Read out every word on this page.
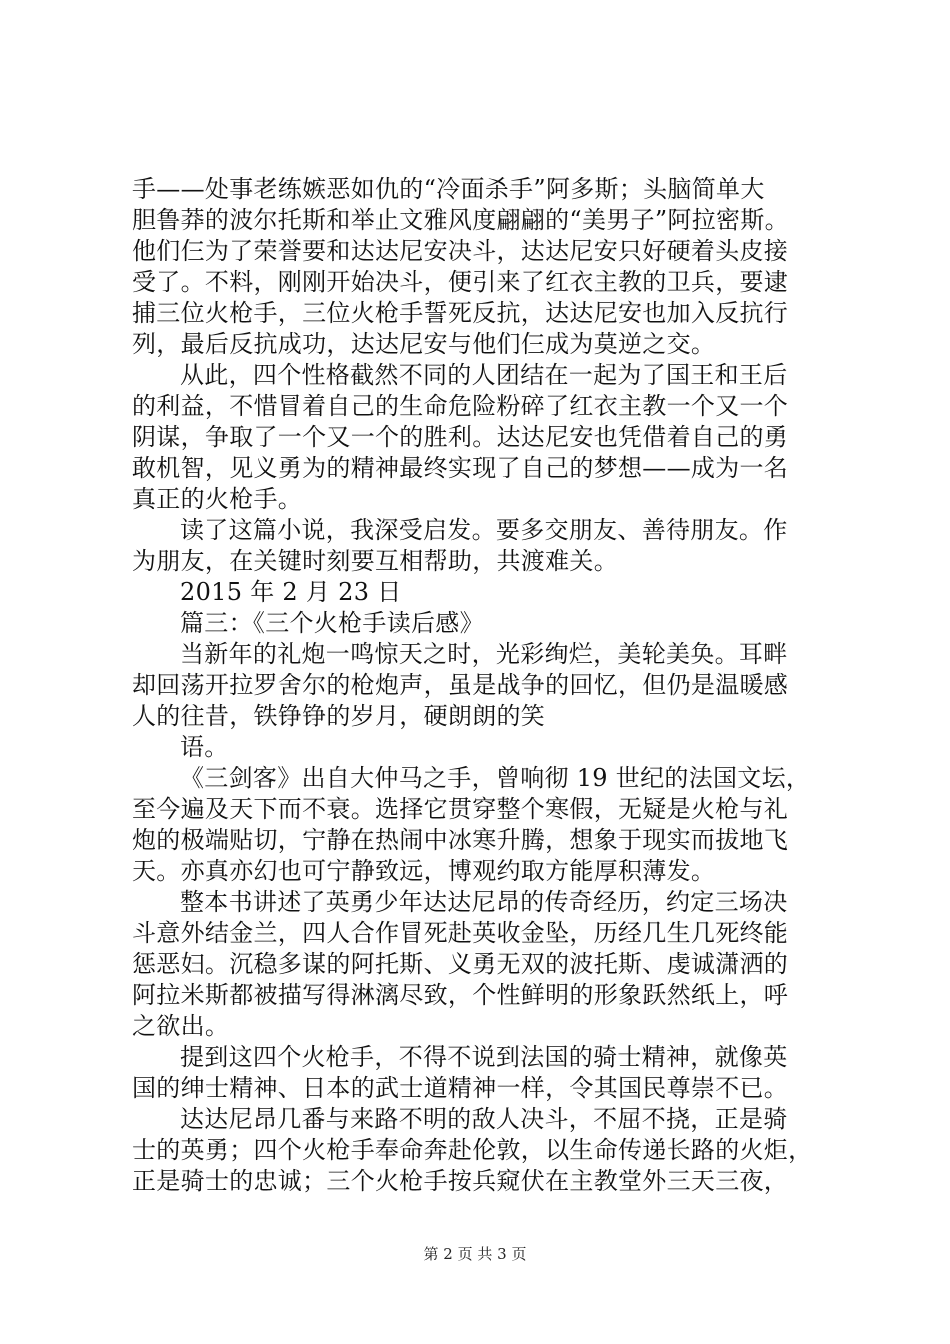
手——处事老练嫉恶如仇的“冷面杀手”阿多斯；头脑简单大
胆鲁莽的波尔托斯和举止文雅风度翩翩的“美男子”阿拉密斯。
他们仨为了荣誉要和达达尼安决斗，达达尼安只好硬着头皮接
受了。不料，刚刚开始决斗，便引来了红衣主教的卫兵，要逮
捕三位火枪手，三位火枪手誓死反抗，达达尼安也加入反抗行
列，最后反抗成功，达达尼安与他们仨成为莫逆之交。
从此，四个性格截然不同的人团结在一起为了国王和王后
的利益，不惜冒着自己的生命危险粉碎了红衣主教一个又一个
阴谋，争取了一个又一个的胜利。达达尼安也凭借着自己的勇
敢机智，见义勇为的精神最终实现了自己的梦想——成为一名
真正的火枪手。
读了这篇小说，我深受启发。要多交朋友、善待朋友。作
为朋友，在关键时刻要互相帮助，共渡难关。
2015 年 2 月 23 日
篇三：《三个火枪手读后感》
当新年的礼炮一鸣惊天之时，光彩绚烂，美轮美奂。耳畔
却回荡开拉罗舍尔的枪炮声，虽是战争的回忆，但仍是温暖感
人的往昔，铁铮铮的岁月，硬朗朗的笑
语。
《三剑客》出自大仲马之手，曾响彻 19 世纪的法国文坛，
至今遍及天下而不衰。选择它贯穿整个寒假，无疑是火枪与礼
炮的极端贴切，宁静在热闹中冰寒升腾，想象于现实而拔地飞
天。亦真亦幻也可宁静致远，博观约取方能厚积薄发。
整本书讲述了英勇少年达达尼昂的传奇经历，约定三场决
斗意外结金兰，四人合作冒死赴英收金坠，历经几生几死终能
惩恶妇。沉稳多谋的阿托斯、义勇无双的波托斯、虔诚潇洒的
阿拉米斯都被描写得淋漓尽致，个性鲜明的形象跃然纸上，呼
之欲出。
提到这四个火枪手，不得不说到法国的骑士精神，就像英
国的绅士精神、日本的武士道精神一样，令其国民尊崇不已。
达达尼昂几番与来路不明的敌人决斗，不屈不挠，正是骑
士的英勇；四个火枪手奉命奔赴伦敦，以生命传递长路的火炬，
正是骑士的忠诚；三个火枪手按兵窥伏在主教堂外三天三夜，
第 2 页 共 3 页
